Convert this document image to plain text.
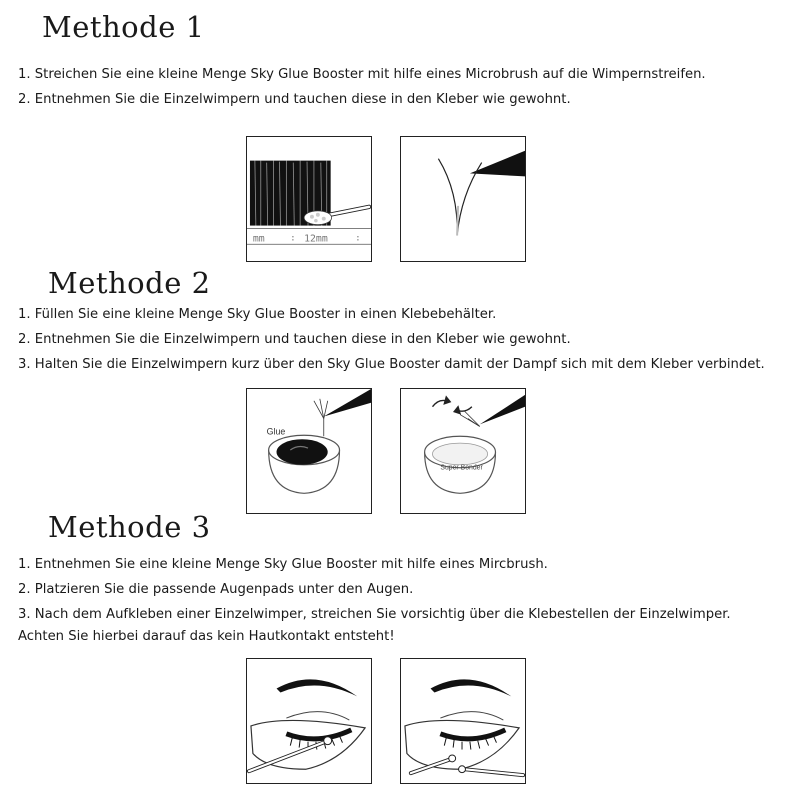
Methode 1
1. Streichen Sie eine kleine Menge Sky Glue Booster mit hilfe eines Microbrush auf die Wimpernstreifen.
2. Entnehmen Sie die Einzelwimpern und tauchen diese in den Kleber wie gewohnt.
mm	: 12mm	:
Methode 2
1. Füllen Sie eine kleine Menge Sky Glue Booster in einen Klebebehälter.
2. Entnehmen Sie die Einzelwimpern und tauchen diese in den Kleber wie gewohnt.
3. Halten Sie die Einzelwimpern kurz über den Sky Glue Booster damit der Dampf sich mit dem Kleber verbindet.
Glue
Super Bonder
Methode 3
1. Entnehmen Sie eine kleine Menge Sky Glue Booster mit hilfe eines Mircbrush.
2. Platzieren Sie die passende Augenpads unter den Augen.
3. Nach dem Aufkleben einer Einzelwimper, streichen Sie vorsichtig über die Klebestellen der Einzelwimper.

Achten Sie hierbei darauf das kein Hautkontakt entsteht!
